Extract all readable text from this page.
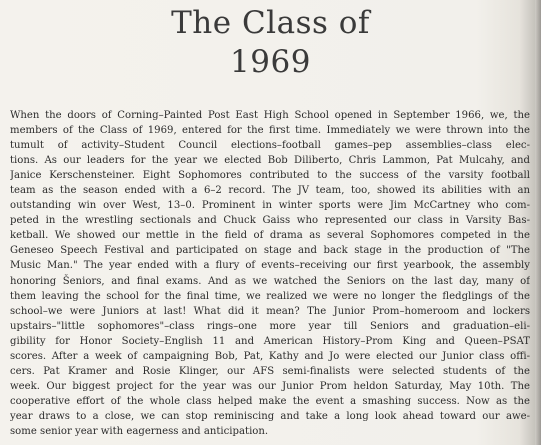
The Class of
1969
When the doors of Corning–Painted Post East High School opened in September 1966, we, the
members of the Class of 1969, entered for the first time. Immediately we were thrown into the
tumult of activity–Student Council elections–football games–pep assemblies–class elec-
tions. As our leaders for the year we elected Bob Diliberto, Chris Lammon, Pat Mulcahy, and
Janice Kerschensteiner. Eight Sophomores contributed to the success of the varsity football
team as the season ended with a 6–2 record. The JV team, too, showed its abilities with an
outstanding win over West, 13–0. Prominent in winter sports were Jim McCartney who com-
peted in the wrestling sectionals and Chuck Gaiss who represented our class in Varsity Bas-
ketball. We showed our mettle in the field of drama as several Sophomores competed in the
Geneseo Speech Festival and participated on stage and back stage in the production of "The
Music Man." The year ended with a flury of events–receiving our first yearbook, the assembly
honoring Šeniors, and final exams. And as we watched the Seniors on the last day, many of
them leaving the school for the final time, we realized we were no longer the fledglings of the
school–we were Juniors at last! What did it mean? The Junior Prom–homeroom and lockers
upstairs–"little sophomores"–class rings–one more year till Seniors and graduation–eli-
gibility for Honor Society–English 11 and American History–Prom King and Queen–PSAT
scores. After a week of campaigning Bob, Pat, Kathy and Jo were elected our Junior class offi-
cers. Pat Kramer and Rosie Klinger, our AFS semi-finalists were selected students of the
week. Our biggest project for the year was our Junior Prom heldon Saturday, May 10th. The
cooperative effort of the whole class helped make the event a smashing success. Now as the
year draws to a close, we can stop reminiscing and take a long look ahead toward our awe-
some senior year with eagerness and anticipation.
